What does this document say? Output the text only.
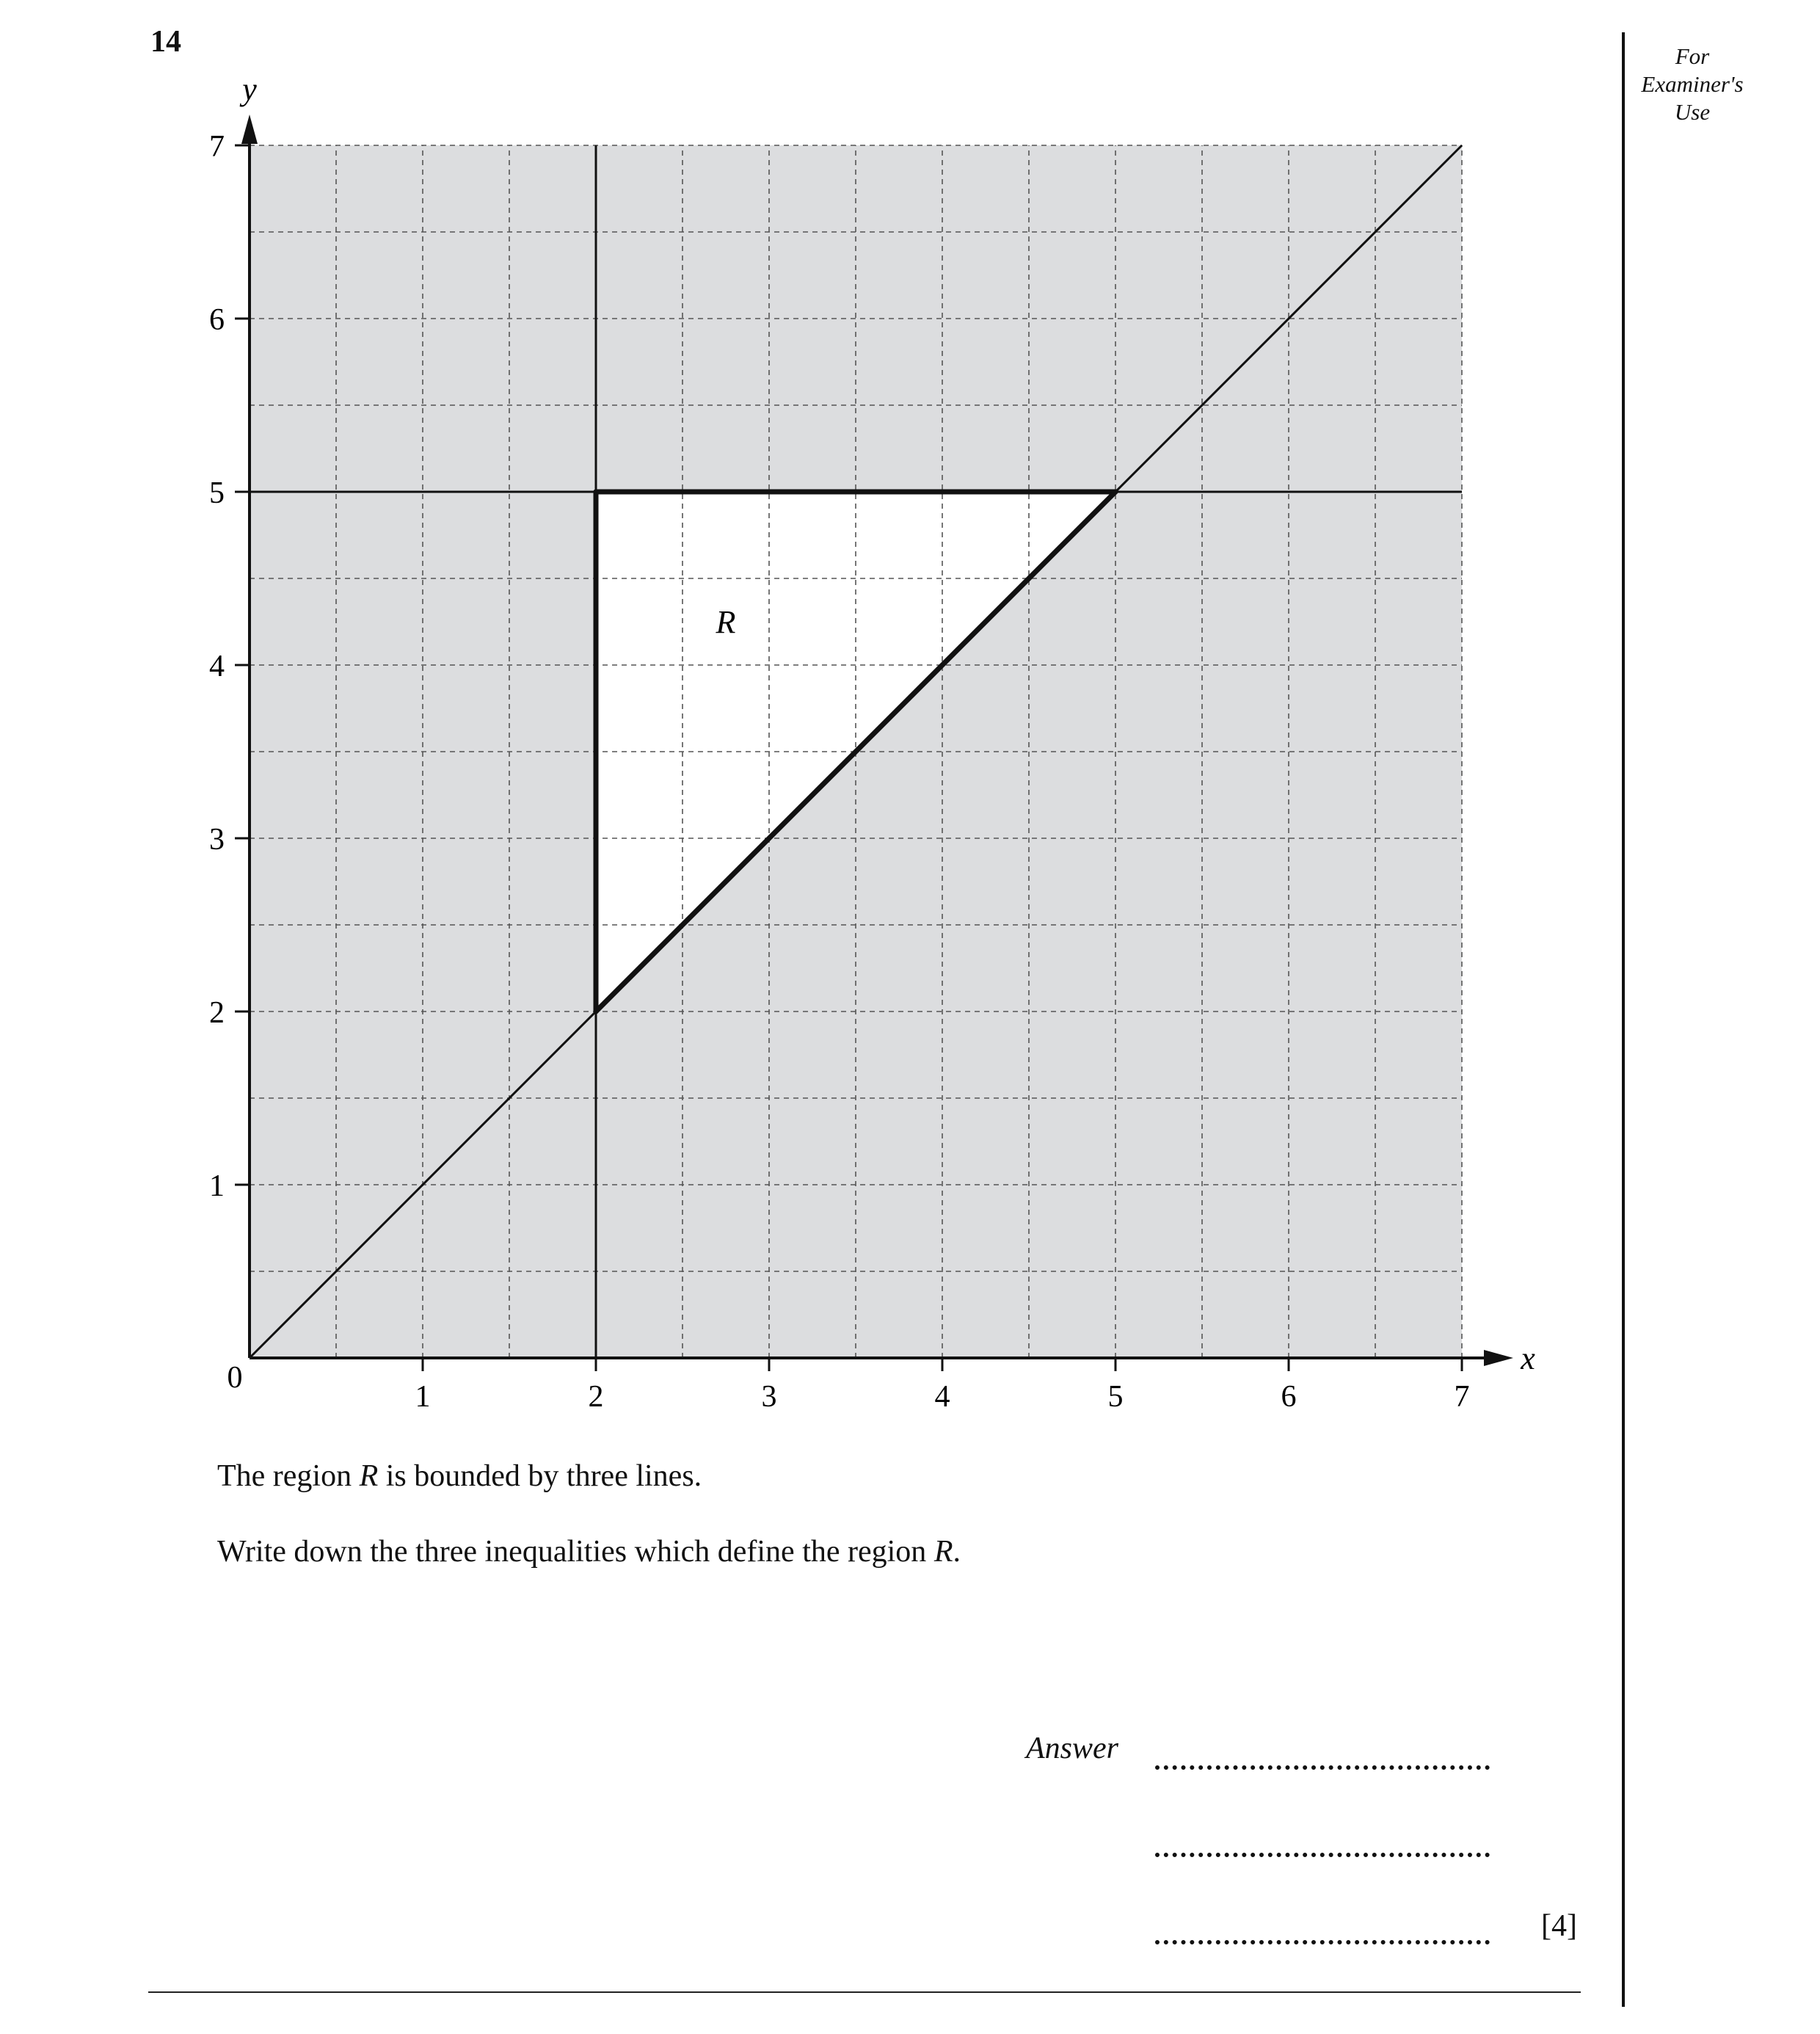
14	For
Examiner's
Use
x
y
0
1	2	3	4	5	6	7
1
2
3
4
5
6
7
R
The region R is bounded by three lines.
Write down the three inequalities which define the region R.
Answer
[4]
